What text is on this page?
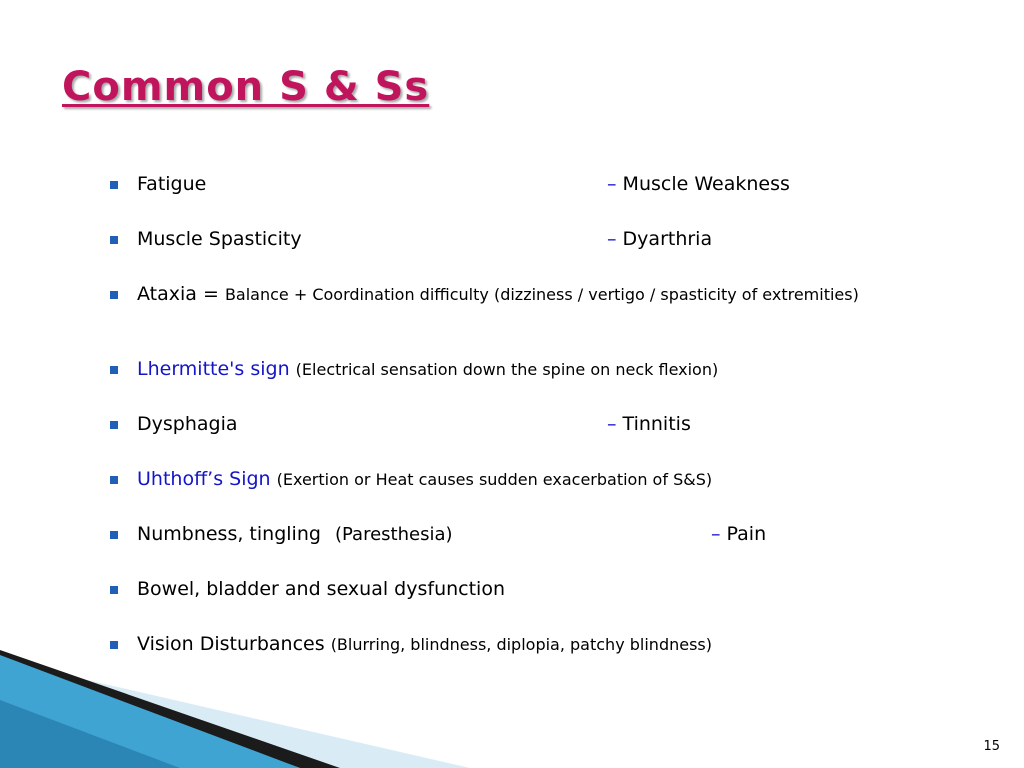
Common S & Ss
Fatigue	– Muscle Weakness
Muscle Spasticity	– Dyarthria
Ataxia = Balance + Coordination difficulty (dizziness / vertigo / spasticity of extremities)
Lhermitte's sign (Electrical sensation down the spine on neck flexion)
Dysphagia	– Tinnitis
Uhthoff’s Sign (Exertion or Heat causes sudden exacerbation of S&S)
Numbness, tingling (Paresthesia)	– Pain
Bowel, bladder and sexual dysfunction
Vision Disturbances (Blurring, blindness, diplopia, patchy blindness)
15
